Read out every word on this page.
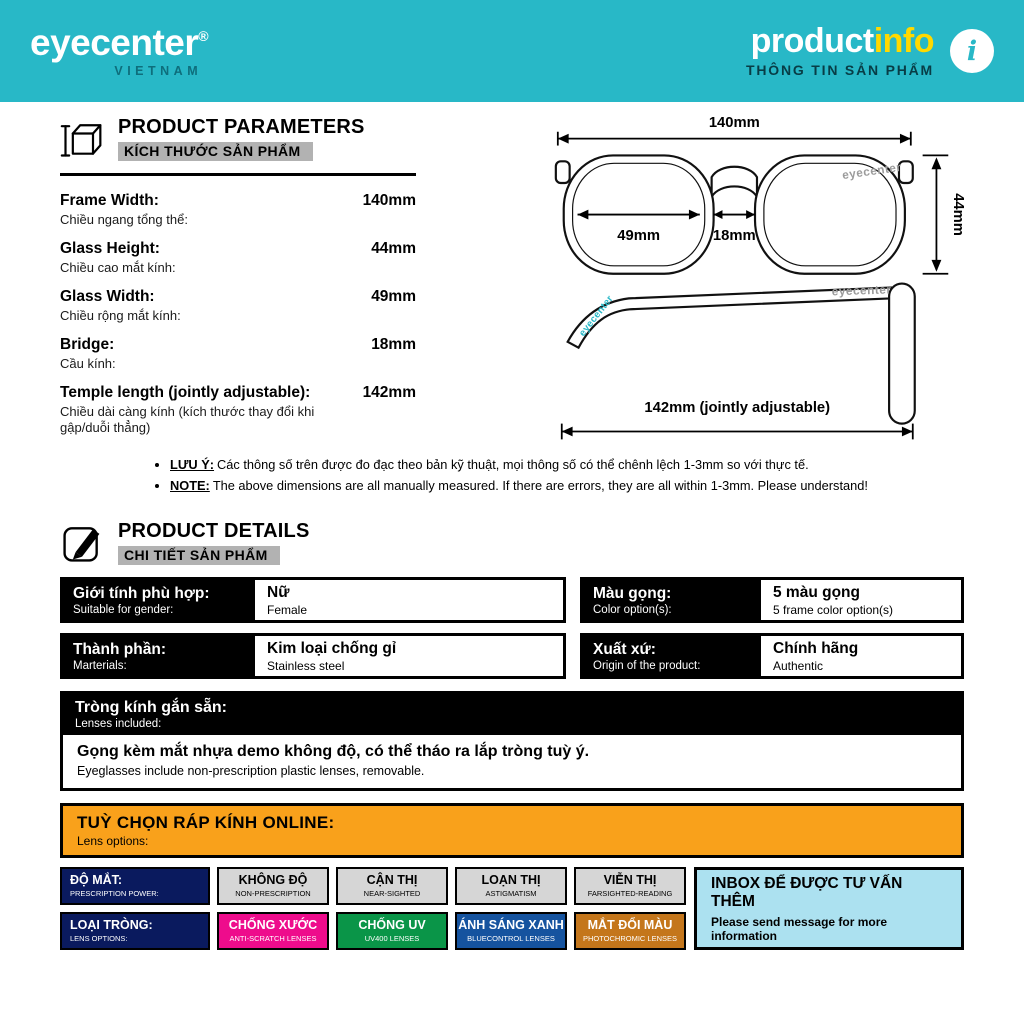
eyecenter®
VIETNAM
productinfo
THÔNG TIN SẢN PHẨM
i
PRODUCT PARAMETERS
KÍCH THƯỚC SẢN PHẨM
Frame Width:	140mm
Chiều ngang tổng thể:
Glass Height:	44mm
Chiều cao mắt kính:
Glass Width:	49mm
Chiều rộng mắt kính:
Bridge:	18mm
Cầu kính:
Temple length (jointly adjustable):	142mm
Chiều dài càng kính (kích thước thay đổi khi gập/duỗi thẳng)
• LƯU Ý: Các thông số trên được đo đạc theo bản kỹ thuật, mọi thông số có thể chênh lệch 1-3mm so với thực tế.
• NOTE: The above dimensions are all manually measured. If there are errors, they are all within 1-3mm. Please understand!
140mm
eyecenter
49mm	18mm
44mm
eyecenter
eyecenter
142mm (jointly adjustable)
PRODUCT DETAILS
CHI TIẾT SẢN PHẨM
Giới tính phù hợp:
Suitable for gender:
Nữ
Female
Thành phần:
Marterials:
Kim loại chống gỉ
Stainless steel
Màu gọng:
Color option(s):
5 màu gọng
5 frame color option(s)
Xuất xứ:
Origin of the product:
Chính hãng
Authentic
Tròng kính gắn sẵn:
Lenses included:
Gọng kèm mắt nhựa demo không độ, có thể tháo ra lắp tròng tuỳ ý.
Eyeglasses include non-prescription plastic lenses, removable.
TUỲ CHỌN RÁP KÍNH ONLINE:
Lens options:
ĐỘ MẮT:
PRESCRIPTION POWER:
KHÔNG ĐỘ
NON-PRESCRIPTION
CẬN THỊ
NEAR-SIGHTED
LOẠN THỊ
ASTIGMATISM
VIỄN THỊ
FARSIGHTED-READING
LOẠI TRÒNG:
LENS OPTIONS:
CHỐNG XƯỚC
ANTI-SCRATCH LENSES
CHỐNG UV
UV400 LENSES
ÁNH SÁNG XANH
BLUECONTROL LENSES
MẮT ĐỔI MÀU
PHOTOCHROMIC LENSES
INBOX ĐỂ ĐƯỢC TƯ VẤN THÊM
Please send message for more information
